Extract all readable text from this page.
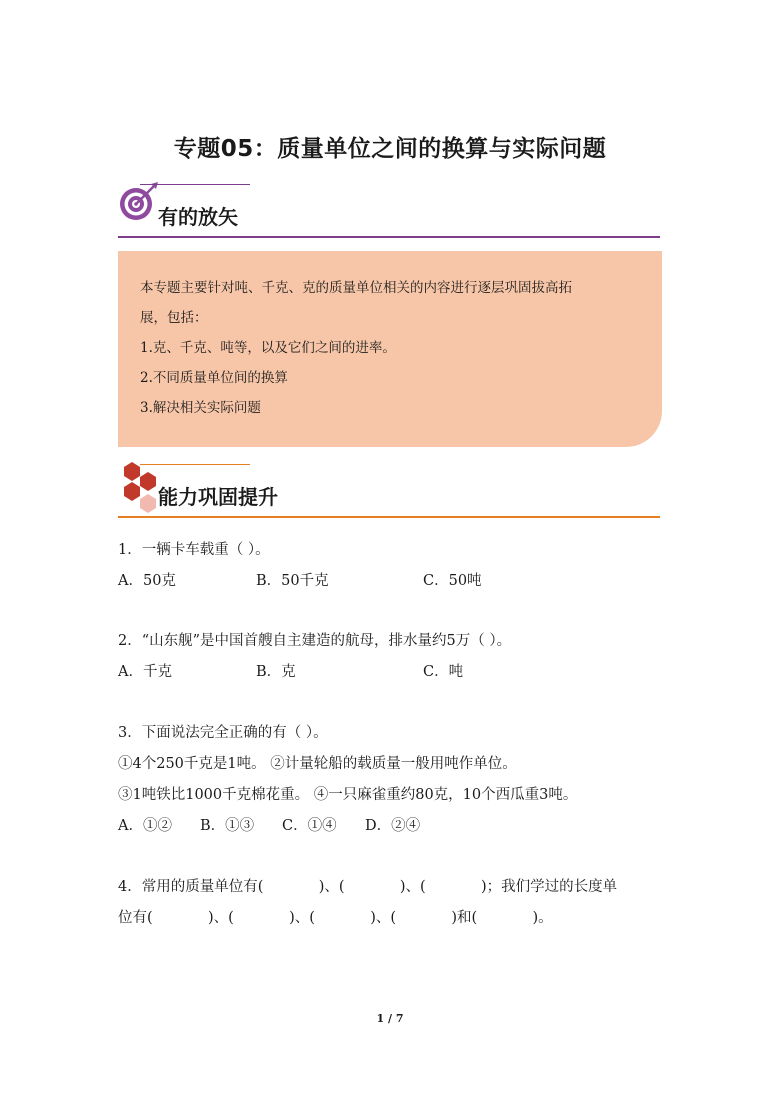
专题05：质量单位之间的换算与实际问题
有的放矢

本专题主要针对吨、千克、克的质量单位相关的内容进行逐层巩固拔高拓

展，包括：

1.克、千克、吨等，以及它们之间的进率。

2.不同质量单位间的换算

3.解决相关实际问题

能力巩固提升

1．一辆卡车载重（ ）。

A．50克	B．50千克	C．50吨

2．“山东舰”是中国首艘自主建造的航母，排水量约5万（ ）。

A．千克	B．克	C．吨

3．下面说法完全正确的有（ ）。

①4个250千克是1吨。 ②计量轮船的载质量一般用吨作单位。

③1吨铁比1000千克棉花重。 ④一只麻雀重约80克，10个西瓜重3吨。

A．①② B．①③ C．①④ D．②④

4．常用的质量单位有(            )、(            )、(            )；我们学过的长度单

位有(            )、(            )、(            )、(            )和(            )。

1 / 7
